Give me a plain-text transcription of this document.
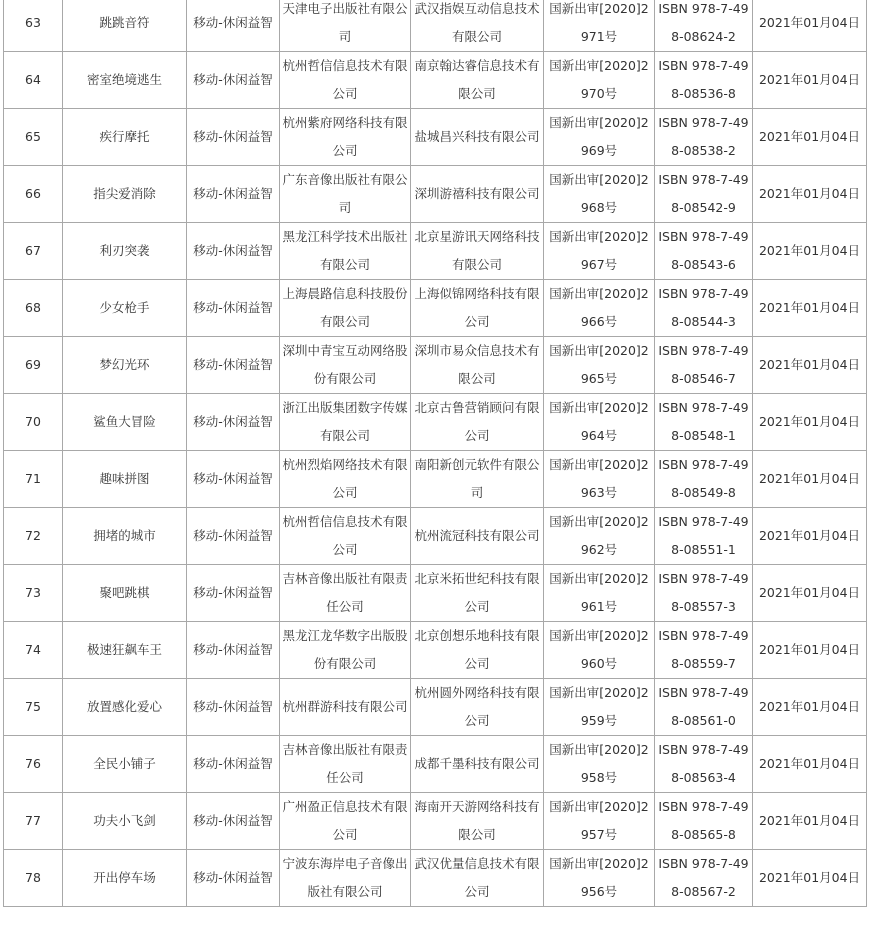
63	跳跳音符	移动-休闲益智	天津电子出版社有限公司	武汉指娱互动信息技术有限公司	国新出审[2020]2971号	ISBN 978-7-498-08624-2	2021年01月04日
64	密室绝境逃生	移动-休闲益智	杭州哲信信息技术有限公司	南京翰达睿信息技术有限公司	国新出审[2020]2970号	ISBN 978-7-498-08536-8	2021年01月04日
65	疾行摩托	移动-休闲益智	杭州紫府网络科技有限公司	盐城昌兴科技有限公司	国新出审[2020]2969号	ISBN 978-7-498-08538-2	2021年01月04日
66	指尖爱消除	移动-休闲益智	广东音像出版社有限公司	深圳游禧科技有限公司	国新出审[2020]2968号	ISBN 978-7-498-08542-9	2021年01月04日
67	利刃突袭	移动-休闲益智	黑龙江科学技术出版社有限公司	北京星游讯天网络科技有限公司	国新出审[2020]2967号	ISBN 978-7-498-08543-6	2021年01月04日
68	少女枪手	移动-休闲益智	上海晨路信息科技股份有限公司	上海似锦网络科技有限公司	国新出审[2020]2966号	ISBN 978-7-498-08544-3	2021年01月04日
69	梦幻光环	移动-休闲益智	深圳中青宝互动网络股份有限公司	深圳市易众信息技术有限公司	国新出审[2020]2965号	ISBN 978-7-498-08546-7	2021年01月04日
70	鲨鱼大冒险	移动-休闲益智	浙江出版集团数字传媒有限公司	北京古鲁营销顾问有限公司	国新出审[2020]2964号	ISBN 978-7-498-08548-1	2021年01月04日
71	趣味拼图	移动-休闲益智	杭州烈焰网络技术有限公司	南阳新创元软件有限公司	国新出审[2020]2963号	ISBN 978-7-498-08549-8	2021年01月04日
72	拥堵的城市	移动-休闲益智	杭州哲信信息技术有限公司	杭州流冠科技有限公司	国新出审[2020]2962号	ISBN 978-7-498-08551-1	2021年01月04日
73	聚吧跳棋	移动-休闲益智	吉林音像出版社有限责任公司	北京米拓世纪科技有限公司	国新出审[2020]2961号	ISBN 978-7-498-08557-3	2021年01月04日
74	极速狂飙车王	移动-休闲益智	黑龙江龙华数字出版股份有限公司	北京创想乐地科技有限公司	国新出审[2020]2960号	ISBN 978-7-498-08559-7	2021年01月04日
75	放置感化爱心	移动-休闲益智	杭州群游科技有限公司	杭州圆外网络科技有限公司	国新出审[2020]2959号	ISBN 978-7-498-08561-0	2021年01月04日
76	全民小铺子	移动-休闲益智	吉林音像出版社有限责任公司	成都千墨科技有限公司	国新出审[2020]2958号	ISBN 978-7-498-08563-4	2021年01月04日
77	功夫小飞剑	移动-休闲益智	广州盈正信息技术有限公司	海南开天游网络科技有限公司	国新出审[2020]2957号	ISBN 978-7-498-08565-8	2021年01月04日
78	开出停车场	移动-休闲益智	宁波东海岸电子音像出版社有限公司	武汉优量信息技术有限公司	国新出审[2020]2956号	ISBN 978-7-498-08567-2	2021年01月04日
